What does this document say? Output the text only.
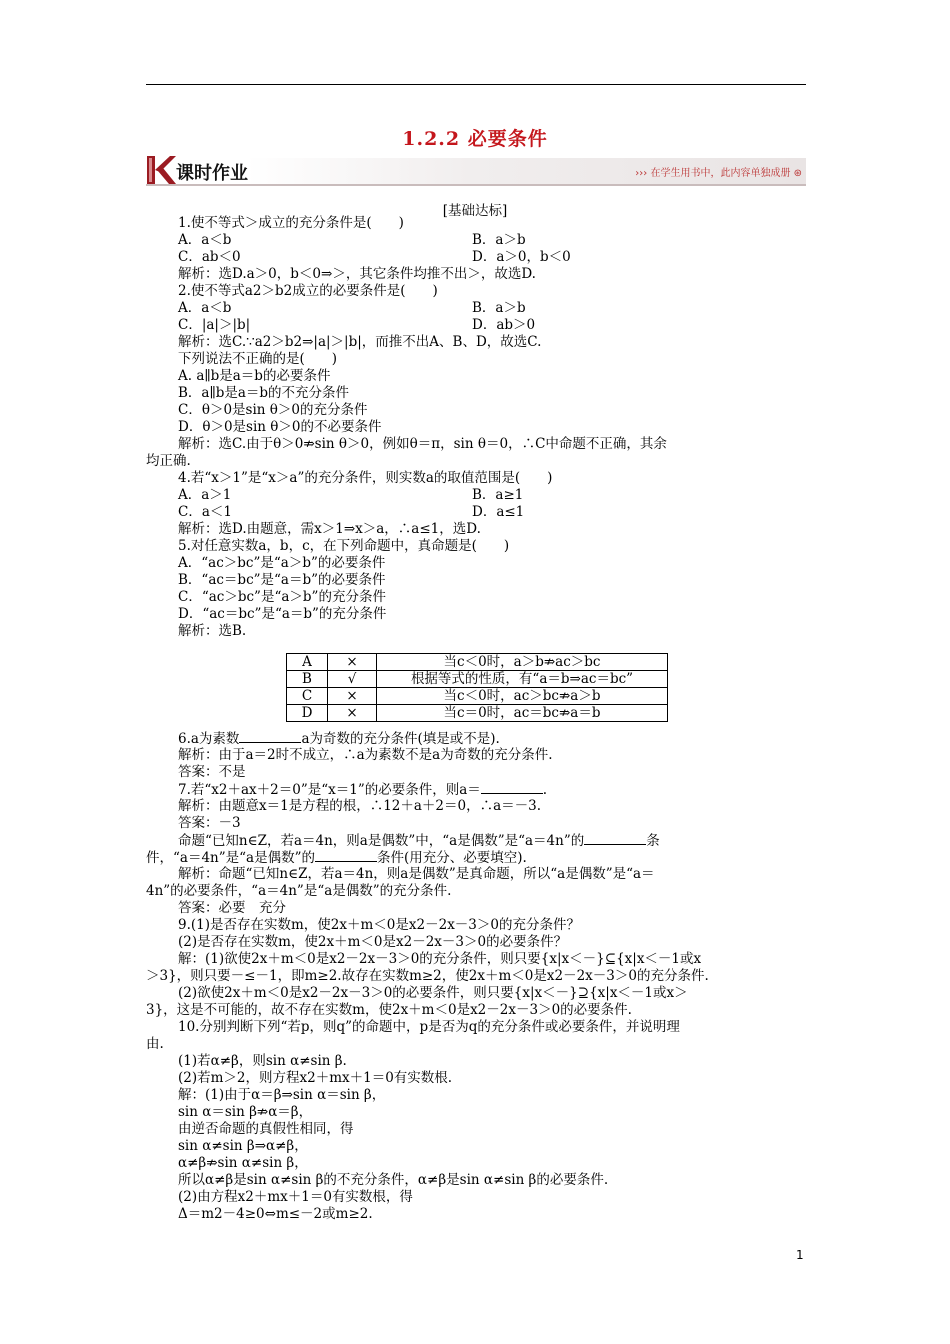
1.2.2 必要条件
课时作业	››› 在学生用书中，此内容单独成册 ⊛
[基础达标]
1.使不等式＞成立的充分条件是(　　)
A．a＜b	B．a＞b
C．ab＜0	D．a＞0，b＜0
解析：选D.a＞0，b＜0⇒＞，其它条件均推不出＞，故选D.
2.使不等式a2＞b2成立的必要条件是(　　)
A．a＜b	B．a＞b
C．|a|＞|b|	D．ab＞0
解析：选C.∵a2＞b2⇒|a|＞|b|，而推不出A、B、D，故选C.
下列说法不正确的是(　　)
A. a∥b是a＝b的必要条件
B．a∥b是a＝b的不充分条件
C．θ＞0是sin θ＞0的充分条件
D．θ＞0是sin θ＞0的不必要条件
解析：选C.由于θ＞0⇏sin θ＞0，例如θ＝π，sin θ＝0，∴C中命题不正确，其余
均正确.
4.若“x＞1”是“x＞a”的充分条件，则实数a的取值范围是(　　)
A．a＞1	B．a≥1
C．a＜1	D．a≤1
解析：选D.由题意，需x＞1⇒x＞a，∴a≤1，选D.
5.对任意实数a，b，c，在下列命题中，真命题是(　　)
A．“ac＞bc”是“a＞b”的必要条件
B．“ac＝bc”是“a＝b”的必要条件
C．“ac＞bc”是“a＞b”的充分条件
D．“ac＝bc”是“a＝b”的充分条件
解析：选B.
A	×	当c＜0时，a＞b⇏ac＞bc
B	√	根据等式的性质，有“a＝b⇒ac＝bc”
C	×	当c＜0时，ac＞bc⇏a＞b
D	×	当c＝0时，ac＝bc⇏a＝b
6.a为素数	a为奇数的充分条件(填是或不是).
解析：由于a＝2时不成立，∴a为素数不是a为奇数的充分条件.
答案：不是
7.若“x2＋ax＋2＝0”是“x＝1”的必要条件，则a＝	.
解析：由题意x＝1是方程的根，∴12＋a＋2＝0，∴a＝－3.
答案：－3
命题“已知n∈Z，若a＝4n，则a是偶数”中，“a是偶数”是“a＝4n”的	条
件，“a＝4n”是“a是偶数”的	条件(用充分、必要填空).
解析：命题“已知n∈Z，若a＝4n，则a是偶数”是真命题，所以“a是偶数”是“a＝
4n”的必要条件，“a＝4n”是“a是偶数”的充分条件.
答案：必要　充分
9.(1)是否存在实数m，使2x＋m＜0是x2－2x－3＞0的充分条件？
(2)是否存在实数m，使2x＋m＜0是x2－2x－3＞0的必要条件？
解：(1)欲使2x＋m＜0是x2－2x－3＞0的充分条件，则只要{x|x＜－}⊆{x|x＜－1或x
＞3}，则只要－≤－1，即m≥2.故存在实数m≥2，使2x＋m＜0是x2－2x－3＞0的充分条件.
(2)欲使2x＋m＜0是x2－2x－3＞0的必要条件，则只要{x|x＜－}⊇{x|x＜－1或x＞
3}，这是不可能的，故不存在实数m，使2x＋m＜0是x2－2x－3＞0的必要条件.
10.分别判断下列“若p，则q”的命题中，p是否为q的充分条件或必要条件，并说明理
由.
(1)若α≠β，则sin α≠sin β.
(2)若m＞2，则方程x2＋mx＋1＝0有实数根.
解：(1)由于α＝β⇒sin α＝sin β，
sin α＝sin β⇏α＝β，
由逆否命题的真假性相同，得
sin α≠sin β⇒α≠β，
α≠β⇏sin α≠sin β，
所以α≠β是sin α≠sin β的不充分条件，α≠β是sin α≠sin β的必要条件.
(2)由方程x2＋mx＋1＝0有实数根，得
Δ＝m2－4≥0⇔m≤－2或m≥2.
1
